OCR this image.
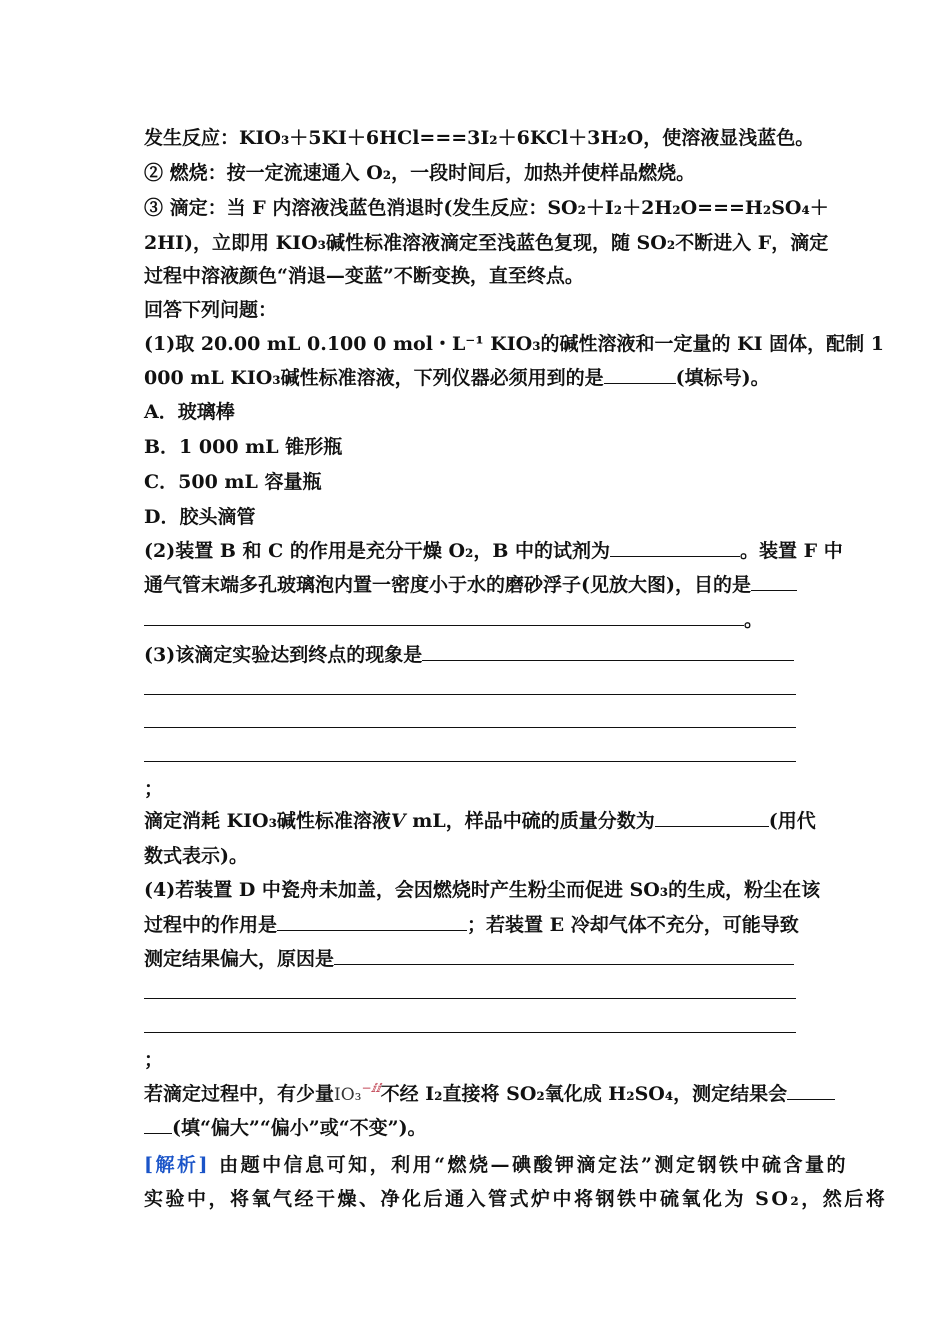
发生反应：KIO₃＋5KI＋6HCl===3I₂＋6KCl＋3H₂O，使溶液显浅蓝色。
② 燃烧：按一定流速通入 O₂，一段时间后，加热并使样品燃烧。
③ 滴定：当 F 内溶液浅蓝色消退时(发生反应：SO₂＋I₂＋2H₂O===H₂SO₄＋
2HI)，立即用 KIO₃碱性标准溶液滴定至浅蓝色复现，随 SO₂不断进入 F，滴定
过程中溶液颜色“消退—变蓝”不断变换，直至终点。
回答下列问题：
(1)取 20.00 mL 0.100 0 mol・L⁻¹ KIO₃的碱性溶液和一定量的 KI 固体，配制 1
000 mL KIO₃碱性标准溶液，下列仪器必须用到的是	(填标号)。
A．玻璃棒
B．1 000 mL 锥形瓶
C．500 mL 容量瓶
D．胶头滴管
(2)装置 B 和 C 的作用是充分干燥 O₂，B 中的试剂为	。装置 F 中
通气管末端多孔玻璃泡内置一密度小于水的磨砂浮子(见放大图)，目的是
。
(3)该滴定实验达到终点的现象是
；
滴定消耗 KIO₃碱性标准溶液V mL，样品中硫的质量分数为	(用代
数式表示)。
(4)若装置 D 中瓷舟未加盖，会因燃烧时产生粉尘而促进 SO₃的生成，粉尘在该
过程中的作用是	；若装置 E 冷却气体不充分，可能导致
测定结果偏大，原因是
；
若滴定过程中，有少量IO₃$^{-ⅈⅈ}$不经 I₂直接将 SO₂氧化成 H₂SO₄，测定结果会
(填“偏大”“偏小”或“不变”)。
[解析] 由题中信息可知，利用“燃烧—碘酸钾滴定法”测定钢铁中硫含量的
实验中，将氧气经干燥、净化后通入管式炉中将钢铁中硫氧化为 SO₂，然后将
